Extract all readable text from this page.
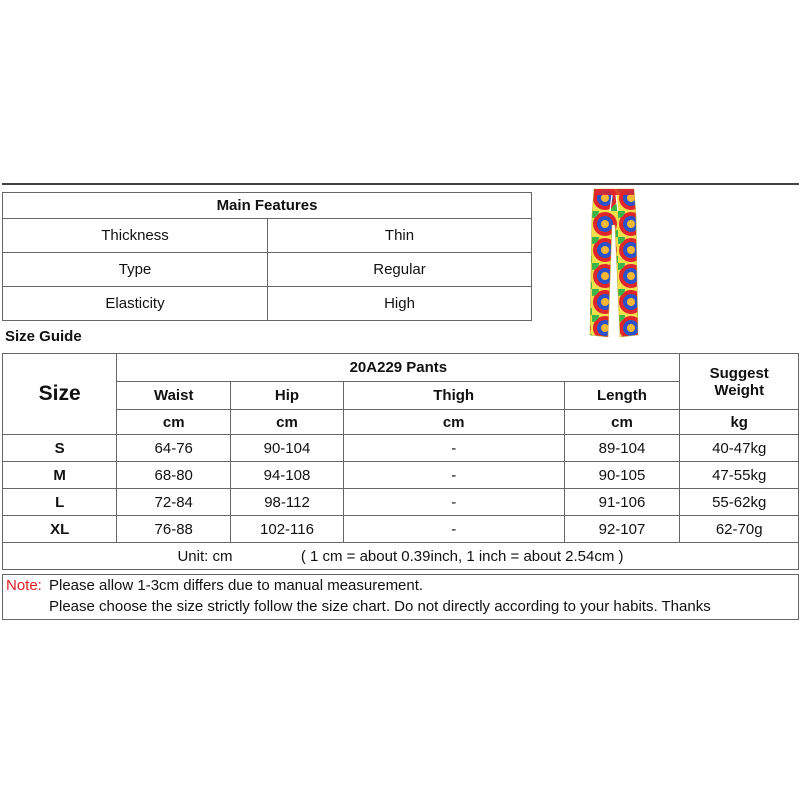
Main Features	
Thickness	Thin
Type	Regular
Elasticity	High
Size Guide
Size	20A229 Pants				Suggest
Weight

	Waist	Hip	Thigh	Length	
	cm	cm	cm	cm	kg
S	64-76	90-104	-	89-104	40-47kg
M	68-80	94-108	-	90-105	47-55kg
L	72-84	98-112	-	91-106	55-62kg
XL	76-88	102-116	-	92-107	62-70g
Unit: cm ( 1 cm = about 0.39inch, 1 inch = about 2.54cm )					
Note: Please allow 1-3cm differs due to manual measurement.
Please choose the size strictly follow the size chart. Do not directly according to your habits. Thanks
